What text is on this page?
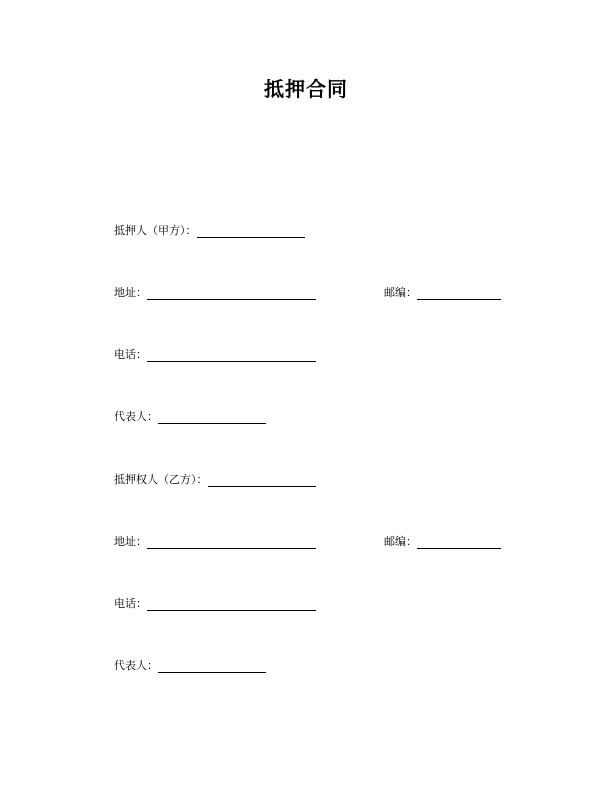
抵押合同
抵押人（甲方）：
地址：	邮编：
电话：
代表人：
抵押权人（乙方）：
地址：	邮编：
电话：
代表人：
